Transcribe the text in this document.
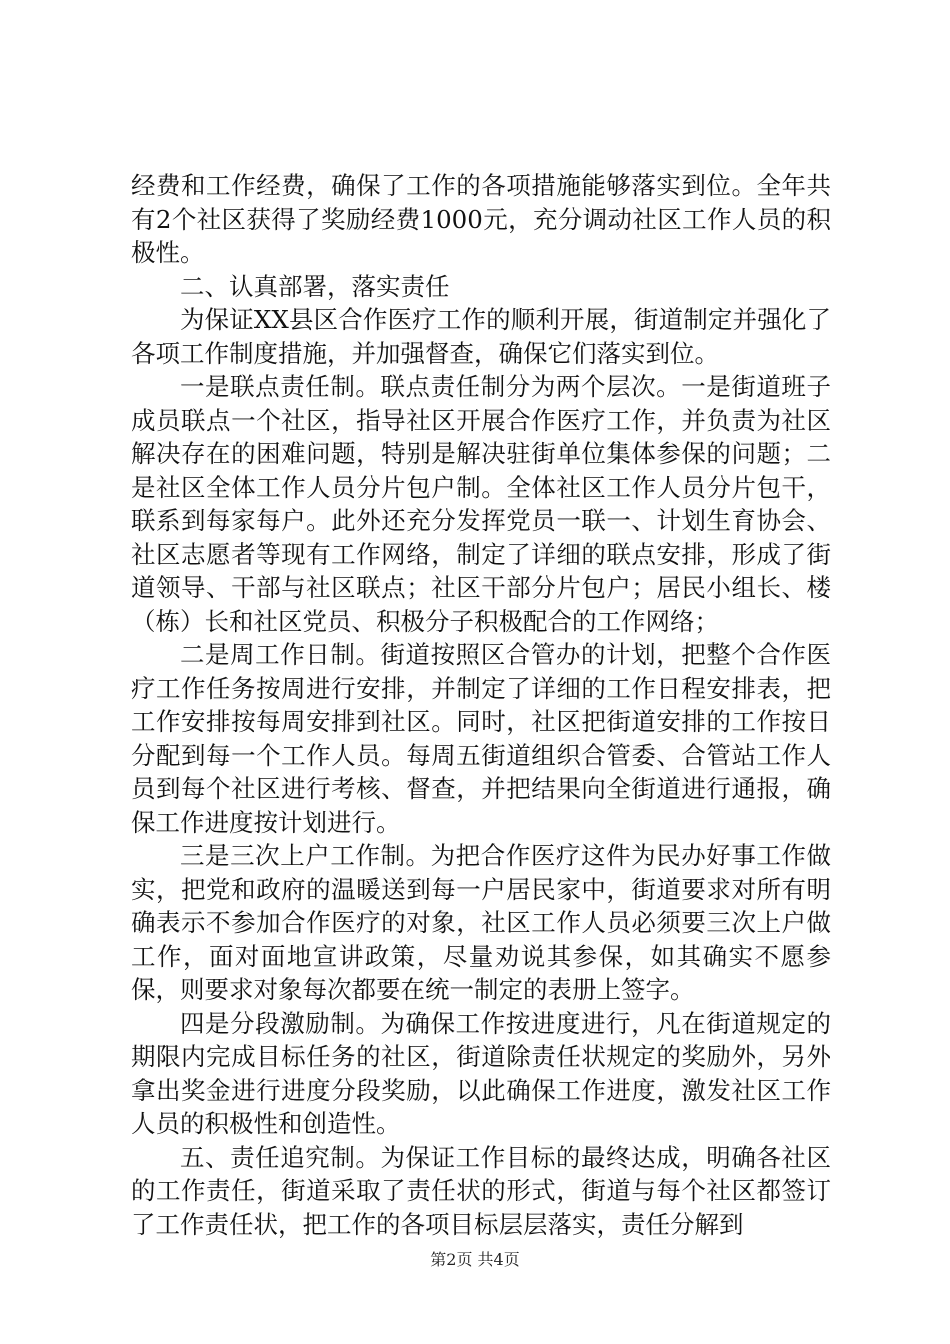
经费和工作经费，确保了工作的各项措施能够落实到位。全年共有2个社区获得了奖励经费1000元，充分调动社区工作人员的积极性。

二、认真部署，落实责任

为保证XX县区合作医疗工作的顺利开展，街道制定并强化了各项工作制度措施，并加强督查，确保它们落实到位。

一是联点责任制。联点责任制分为两个层次。一是街道班子成员联点一个社区，指导社区开展合作医疗工作，并负责为社区解决存在的困难问题，特别是解决驻街单位集体参保的问题；二是社区全体工作人员分片包户制。全体社区工作人员分片包干，联系到每家每户。此外还充分发挥党员一联一、计划生育协会、社区志愿者等现有工作网络，制定了详细的联点安排，形成了街道领导、干部与社区联点；社区干部分片包户；居民小组长、楼（栋）长和社区党员、积极分子积极配合的工作网络；

二是周工作日制。街道按照区合管办的计划，把整个合作医疗工作任务按周进行安排，并制定了详细的工作日程安排表，把工作安排按每周安排到社区。同时，社区把街道安排的工作按日分配到每一个工作人员。每周五街道组织合管委、合管站工作人员到每个社区进行考核、督查，并把结果向全街道进行通报，确保工作进度按计划进行。

三是三次上户工作制。为把合作医疗这件为民办好事工作做实，把党和政府的温暖送到每一户居民家中，街道要求对所有明确表示不参加合作医疗的对象，社区工作人员必须要三次上户做工作，面对面地宣讲政策，尽量劝说其参保，如其确实不愿参保，则要求对象每次都要在统一制定的表册上签字。

四是分段激励制。为确保工作按进度进行，凡在街道规定的期限内完成目标任务的社区，街道除责任状规定的奖励外，另外拿出奖金进行进度分段奖励，以此确保工作进度，激发社区工作人员的积极性和创造性。

五、责任追究制。为保证工作目标的最终达成，明确各社区的工作责任，街道采取了责任状的形式，街道与每个社区都签订了工作责任状，把工作的各项目标层层落实，责任分解到

第2页 共4页
